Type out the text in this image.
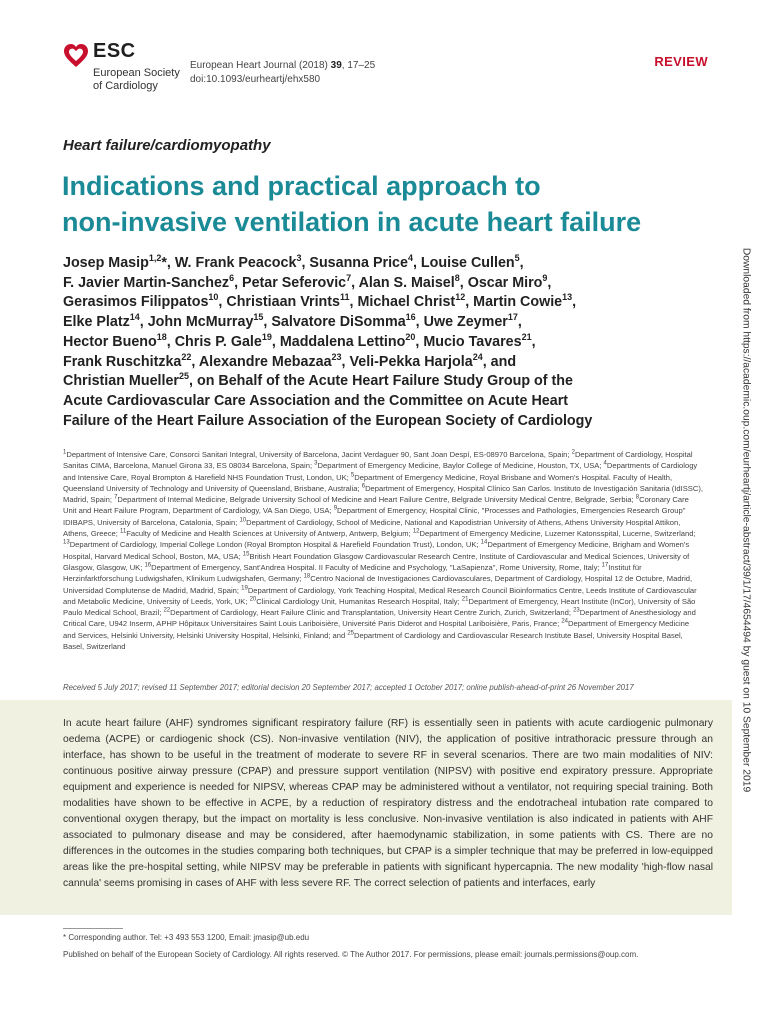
ESC
European Society
of Cardiology
European Heart Journal (2018) 39, 17–25
doi:10.1093/eurheartj/ehx580
REVIEW
Heart failure/cardiomyopathy
Indications and practical approach to
non-invasive ventilation in acute heart failure
Josep Masip$^{1,2}$*, W. Frank Peacock$^3$, Susanna Price$^4$, Louise Cullen$^5$,
F. Javier Martin-Sanchez$^6$, Petar Seferovic$^7$, Alan S. Maisel$^8$, Oscar Miro$^9$,
Gerasimos Filippatos$^{10}$, Christiaan Vrints$^{11}$, Michael Christ$^{12}$, Martin Cowie$^{13}$,
Elke Platz$^{14}$, John McMurray$^{15}$, Salvatore DiSomma$^{16}$, Uwe Zeymer$^{17}$,
Hector Bueno$^{18}$, Chris P. Gale$^{19}$, Maddalena Lettino$^{20}$, Mucio Tavares$^{21}$,
Frank Ruschitzka$^{22}$, Alexandre Mebazaa$^{23}$, Veli-Pekka Harjola$^{24}$, and
Christian Mueller$^{25}$, on Behalf of the Acute Heart Failure Study Group of the
Acute Cardiovascular Care Association and the Committee on Acute Heart
Failure of the Heart Failure Association of the European Society of Cardiology
$^1$Department of Intensive Care, Consorci Sanitari Integral, University of Barcelona, Jacint Verdaguer 90, Sant Joan Despí, ES-08970 Barcelona, Spain; $^2$Department of Cardiology, Hospital Sanitas CIMA, Barcelona, Manuel Girona 33, ES 08034 Barcelona, Spain; $^3$Department of Emergency Medicine, Baylor College of Medicine, Houston, TX, USA; $^4$Departments of Cardiology and Intensive Care, Royal Brompton & Harefield NHS Foundation Trust, London, UK; $^5$Department of Emergency Medicine, Royal Brisbane and Women's Hospital. Faculty of Health, Queensland University of Technology and University of Queensland, Brisbane, Australia; $^6$Department of Emergency, Hospital Clínico San Carlos. Instituto de Investigación Sanitaria (IdISSC), Madrid, Spain; $^7$Department of Internal Medicine, Belgrade University School of Medicine and Heart Failure Centre, Belgrade University Medical Centre, Belgrade, Serbia; $^8$Coronary Care Unit and Heart Failure Program, Department of Cardiology, VA San Diego, USA; $^9$Department of Emergency, Hospital Clinic, "Processes and Pathologies, Emergencies Research Group" IDIBAPS, University of Barcelona, Catalonia, Spain; $^{10}$Department of Cardiology, School of Medicine, National and Kapodistrian University of Athens, Athens University Hospital Attikon, Athens, Greece; $^{11}$Faculty of Medicine and Health Sciences at University of Antwerp, Antwerp, Belgium; $^{12}$Department of Emergency Medicine, Luzerner Katonsspital, Lucerne, Switzerland; $^{13}$Department of Cardiology, Imperial College London (Royal Brompton Hospital & Harefield Foundation Trust), London, UK; $^{14}$Department of Emergency Medicine, Brigham and Women's Hospital, Harvard Medical School, Boston, MA, USA; $^{15}$British Heart Foundation Glasgow Cardiovascular Research Centre, Institute of Cardiovascular and Medical Sciences, University of Glasgow, Glasgow, UK; $^{16}$Department of Emergency, Sant'Andrea Hospital. II Faculty of Medicine and Psychology, "LaSapienza", Rome University, Rome, Italy; $^{17}$Institut für Herzinfarktforschung Ludwigshafen, Klinikum Ludwigshafen, Germany; $^{18}$Centro Nacional de Investigaciones Cardiovasculares, Department of Cardiology, Hospital 12 de Octubre, Madrid, Universidad Complutense de Madrid, Madrid, Spain; $^{19}$Department of Cardiology, York Teaching Hospital, Medical Research Council Bioinformatics Centre, Leeds Institute of Cardiovascular and Metabolic Medicine, University of Leeds, York, UK; $^{20}$Clinical Cardiology Unit, Humanitas Research Hospital, Italy; $^{21}$Department of Emergency, Heart Institute (InCor), University of São Paulo Medical School, Brazil; $^{22}$Department of Cardiology, Heart Failure Clinic and Transplantation, University Heart Centre Zurich, Zurich, Switzerland; $^{23}$Department of Anesthesiology and Critical Care, U942 Inserm, APHP Hôpitaux Universitaires Saint Louis Lariboisière, Université Paris Diderot and Hospital Lariboisière, Paris, France; $^{24}$Department of Emergency Medicine and Services, Helsinki University, Helsinki University Hospital, Helsinki, Finland; and $^{25}$Department of Cardiology and Cardiovascular Research Institute Basel, University Hospital Basel, Basel, Switzerland
Received 5 July 2017; revised 11 September 2017; editorial decision 20 September 2017; accepted 1 October 2017; online publish-ahead-of-print 26 November 2017

In acute heart failure (AHF) syndromes significant respiratory failure (RF) is essentially seen in patients with acute cardiogenic pulmonary oedema (ACPE) or cardiogenic shock (CS). Non-invasive ventilation (NIV), the application of positive intrathoracic pressure through an interface, has shown to be useful in the treatment of moderate to severe RF in several scenarios. There are two main modalities of NIV: continuous positive airway pressure (CPAP) and pressure support ventilation (NIPSV) with positive end expiratory pressure. Appropriate equipment and experience is needed for NIPSV, whereas CPAP may be administered without a ventilator, not requiring special training. Both modalities have shown to be effective in ACPE, by a reduction of respiratory distress and the endotracheal intubation rate compared to conventional oxygen therapy, but the impact on mortality is less conclusive. Non-invasive ventilation is also indicated in patients with AHF associated to pulmonary disease and may be considered, after haemodynamic stabilization, in some patients with CS. There are no differences in the outcomes in the studies comparing both techniques, but CPAP is a simpler technique that may be preferred in low-equipped areas like the pre-hospital setting, while NIPSV may be preferable in patients with significant hypercapnia. The new modality 'high-flow nasal cannula' seems promising in cases of AHF with less severe RF. The correct selection of patients and interfaces, early

* Corresponding author. Tel: +3 493 553 1200, Email: jmasip@ub.edu
Published on behalf of the European Society of Cardiology. All rights reserved. © The Author 2017. For permissions, please email: journals.permissions@oup.com.
Downloaded from https://academic.oup.com/eurheartj/article-abstract/39/1/17/4654494 by guest on 10 September 2019
